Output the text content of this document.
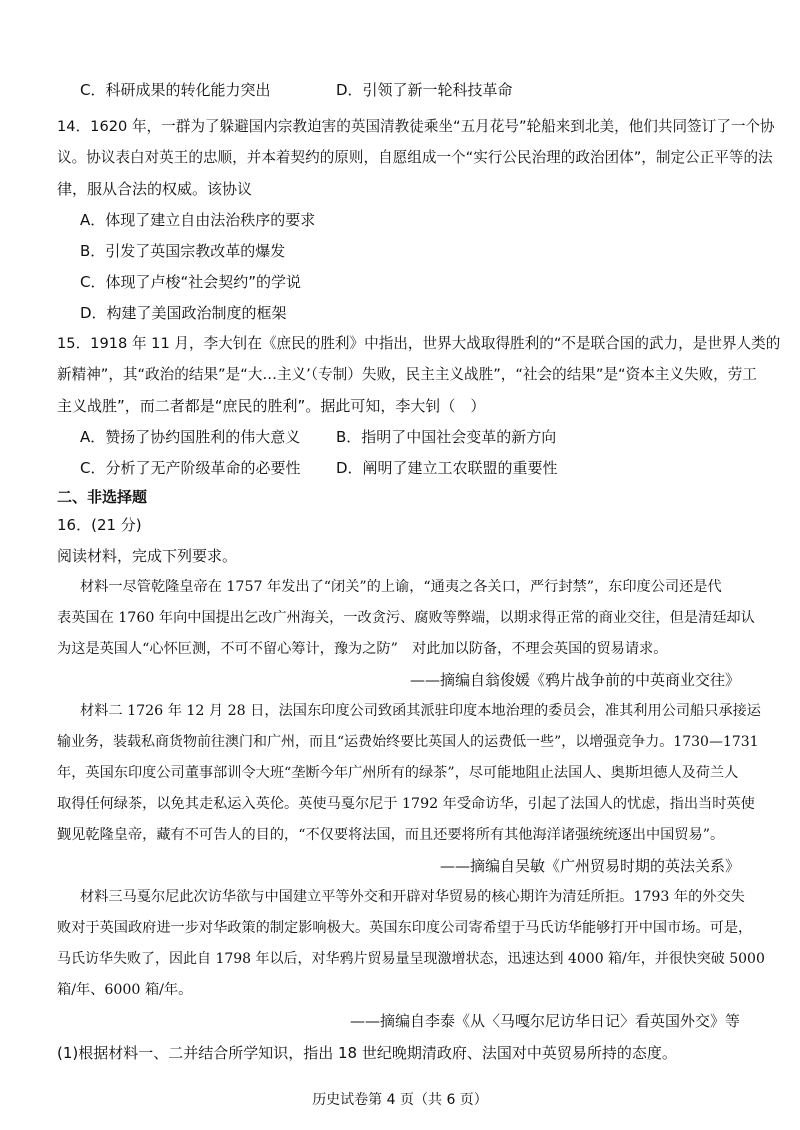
C．科研成果的转化能力突出	D．引领了新一轮科技革命
14．1620 年，一群为了躲避国内宗教迫害的英国清教徒乘坐“五月花号”轮船来到北美，他们共同签订了一个协
议。协议表白对英王的忠顺，并本着契约的原则，自愿组成一个“实行公民治理的政治团体”，制定公正平等的法
律，服从合法的权威。该协议
A．体现了建立自由法治秩序的要求
B．引发了英国宗教改革的爆发
C．体现了卢梭“社会契约”的学说
D．构建了美国政治制度的框架
15．1918 年 11 月，李大钊在《庶民的胜利》中指出，世界大战取得胜利的“不是联合国的武力，是世界人类的
新精神”，其“政治的结果”是“大…主义’（专制）失败，民主主义战胜”，“社会的结果”是“资本主义失败，劳工
主义战胜”，而二者都是“庶民的胜利”。据此可知，李大钊（　）
A．赞扬了协约国胜利的伟大意义 B．指明了中国社会变革的新方向
C．分析了无产阶级革命的必要性 D．阐明了建立工农联盟的重要性
二、非选择题
16．(21 分)
阅读材料，完成下列要求。
材料一尽管乾隆皇帝在 1757 年发出了“闭关”的上谕，“通夷之各关口，严行封禁”，东印度公司还是代
表英国在 1760 年向中国提出乞改广州海关，一改贪污、腐败等弊端，以期求得正常的商业交往，但是清廷却认
为这是英国人“心怀叵测，不可不留心筹计，豫为之防”　对此加以防备，不理会英国的贸易请求。
——摘编自翁俊媛《鸦片战争前的中英商业交往》
材料二 1726 年 12 月 28 日，法国东印度公司致函其派驻印度本地治理的委员会，准其利用公司船只承接运
输业务，装载私商货物前往澳门和广州，而且“运费始终要比英国人的运费低一些”，以增强竞争力。1730—1731
年，英国东印度公司董事部训令大班“垄断今年广州所有的绿茶”，尽可能地阻止法国人、奥斯坦德人及荷兰人
取得任何绿茶，以免其走私运入英伦。英使马戛尔尼于 1792 年受命访华，引起了法国人的忧虑，指出当时英使
觐见乾隆皇帝，藏有不可告人的目的，“不仅要将法国，而且还要将所有其他海洋诸强统统逐出中国贸易”。
——摘编自吴敏《广州贸易时期的英法关系》
材料三马戛尔尼此次访华欲与中国建立平等外交和开辟对华贸易的核心期许为清廷所拒。1793 年的外交失
败对于英国政府进一步对华政策的制定影响极大。英国东印度公司寄希望于马氏访华能够打开中国市场。可是，
马氏访华失败了，因此自 1798 年以后，对华鸦片贸易量呈现激增状态，迅速达到 4000 箱/年，并很快突破 5000
箱/年、6000 箱/年。
——摘编自李泰《从〈马嘎尔尼访华日记〉看英国外交》等
(1)根据材料一、二并结合所学知识，指出 18 世纪晚期清政府、法国对中英贸易所持的态度。
历史试卷第 4 页（共 6 页）
